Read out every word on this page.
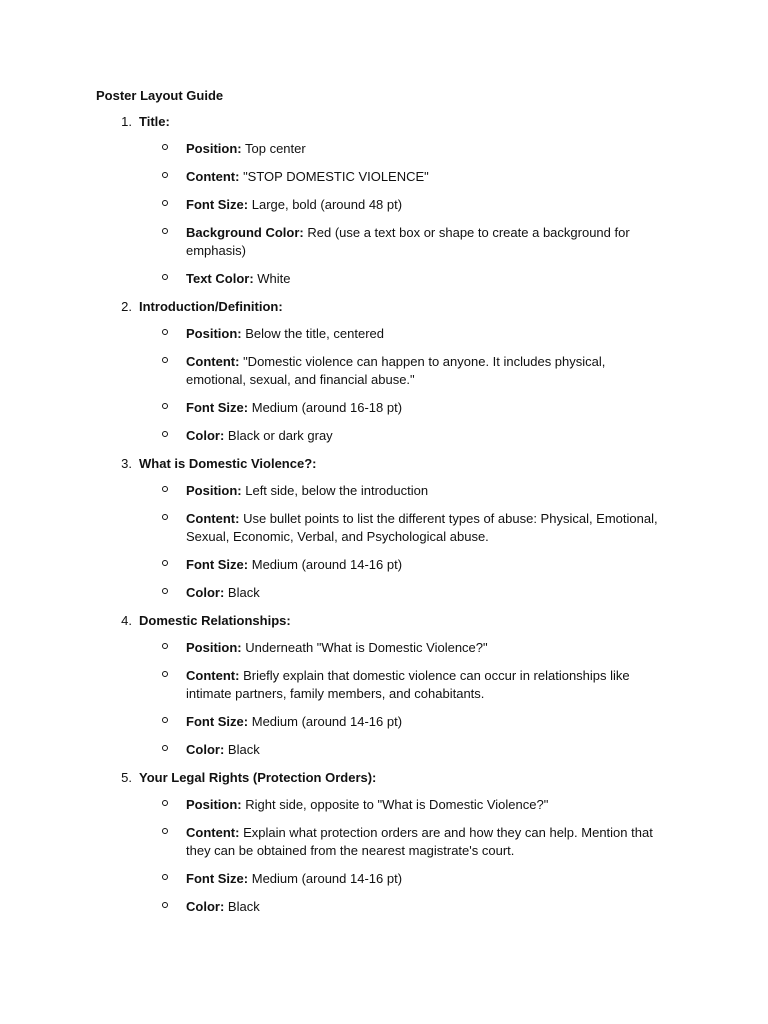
Poster Layout Guide
1. Title:
Position: Top center
Content: "STOP DOMESTIC VIOLENCE"
Font Size: Large, bold (around 48 pt)
Background Color: Red (use a text box or shape to create a background for emphasis)
Text Color: White
2. Introduction/Definition:
Position: Below the title, centered
Content: "Domestic violence can happen to anyone. It includes physical, emotional, sexual, and financial abuse."
Font Size: Medium (around 16-18 pt)
Color: Black or dark gray
3. What is Domestic Violence?:
Position: Left side, below the introduction
Content: Use bullet points to list the different types of abuse: Physical, Emotional, Sexual, Economic, Verbal, and Psychological abuse.
Font Size: Medium (around 14-16 pt)
Color: Black
4. Domestic Relationships:
Position: Underneath "What is Domestic Violence?"
Content: Briefly explain that domestic violence can occur in relationships like intimate partners, family members, and cohabitants.
Font Size: Medium (around 14-16 pt)
Color: Black
5. Your Legal Rights (Protection Orders):
Position: Right side, opposite to "What is Domestic Violence?"
Content: Explain what protection orders are and how they can help. Mention that they can be obtained from the nearest magistrate's court.
Font Size: Medium (around 14-16 pt)
Color: Black
